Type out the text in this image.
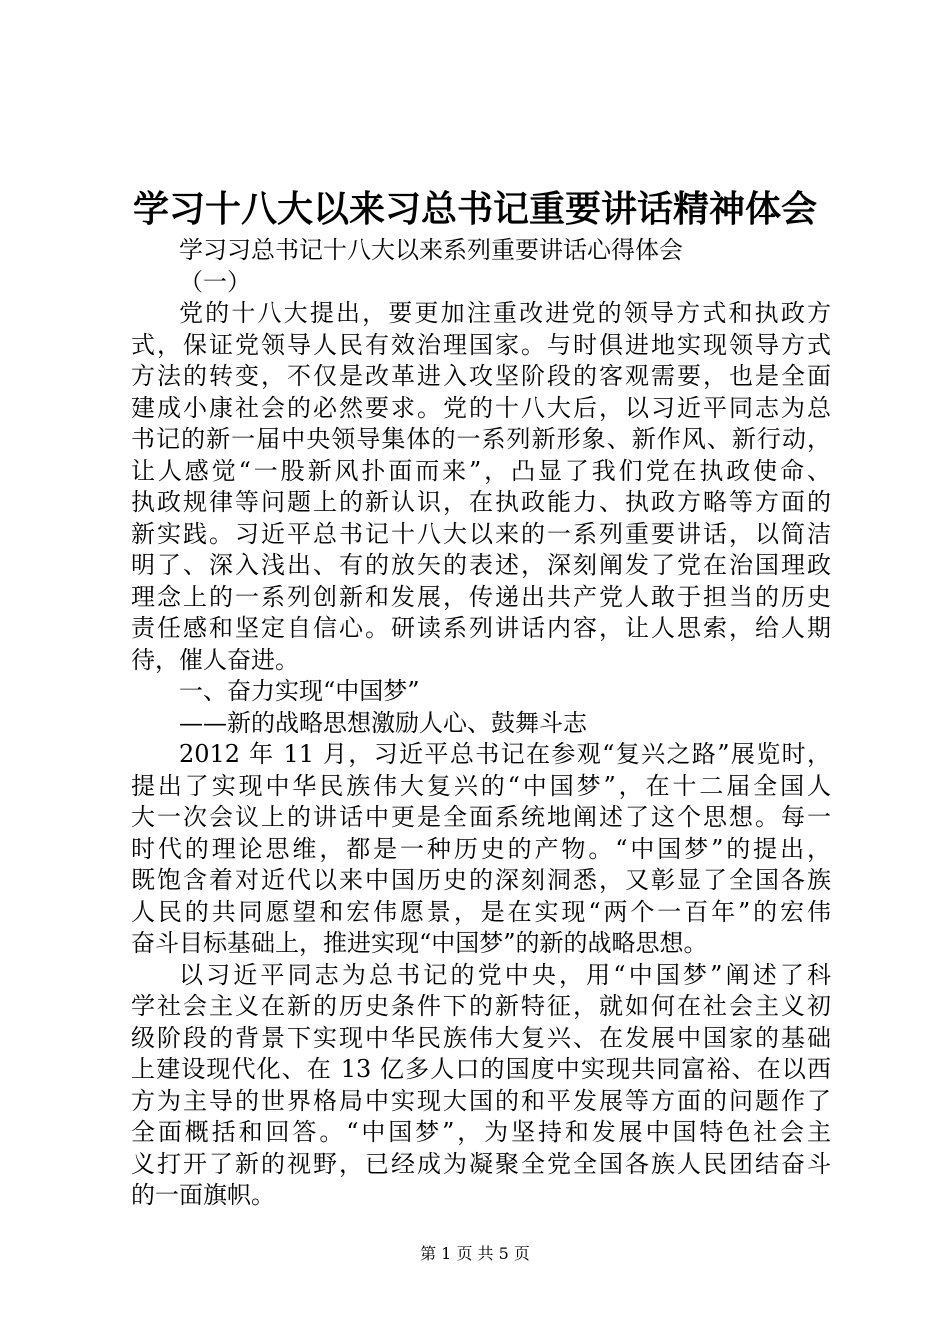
学习十八大以来习总书记重要讲话精神体会
学习习总书记十八大以来系列重要讲话心得体会
（一）
党的十八大提出，要更加注重改进党的领导方式和执政方
式，保证党领导人民有效治理国家。与时俱进地实现领导方式
方法的转变，不仅是改革进入攻坚阶段的客观需要，也是全面
建成小康社会的必然要求。党的十八大后，以习近平同志为总
书记的新一届中央领导集体的一系列新形象、新作风、新行动，
让人感觉“一股新风扑面而来”，凸显了我们党在执政使命、
执政规律等问题上的新认识，在执政能力、执政方略等方面的
新实践。习近平总书记十八大以来的一系列重要讲话，以简洁
明了、深入浅出、有的放矢的表述，深刻阐发了党在治国理政
理念上的一系列创新和发展，传递出共产党人敢于担当的历史
责任感和坚定自信心。研读系列讲话内容，让人思索，给人期
待，催人奋进。
一、奋力实现“中国梦”
——新的战略思想激励人心、鼓舞斗志
2012 年 11 月，习近平总书记在参观“复兴之路”展览时，
提出了实现中华民族伟大复兴的“中国梦”，在十二届全国人
大一次会议上的讲话中更是全面系统地阐述了这个思想。每一
时代的理论思维，都是一种历史的产物。“中国梦”的提出，
既饱含着对近代以来中国历史的深刻洞悉，又彰显了全国各族
人民的共同愿望和宏伟愿景，是在实现“两个一百年”的宏伟
奋斗目标基础上，推进实现“中国梦”的新的战略思想。
以习近平同志为总书记的党中央，用“中国梦”阐述了科
学社会主义在新的历史条件下的新特征，就如何在社会主义初
级阶段的背景下实现中华民族伟大复兴、在发展中国家的基础
上建设现代化、在 13 亿多人口的国度中实现共同富裕、在以西
方为主导的世界格局中实现大国的和平发展等方面的问题作了
全面概括和回答。“中国梦”，为坚持和发展中国特色社会主
义打开了新的视野，已经成为凝聚全党全国各族人民团结奋斗
的一面旗帜。
第 1 页 共 5 页
